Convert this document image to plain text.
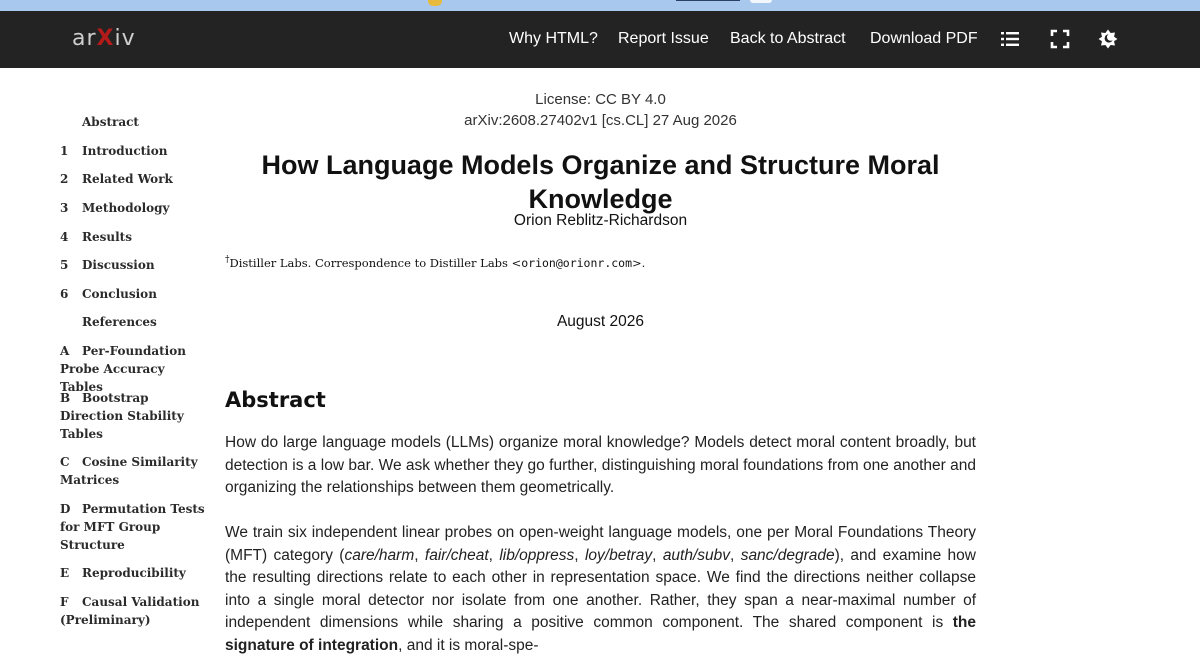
arXiv	Why HTML? Report Issue Back to Abstract Download PDF
Abstract
1	Introduction
2	Related Work
3	Methodology
4	Results
5	Discussion
6	Conclusion
References
A	Per-Foundation Probe Accuracy Tables
B Bootstrap Direction Stability Tables
C	Cosine Similarity Matrices
D Permutation Tests for MFT Group Structure
E	Reproducibility
F	Causal Validation (Preliminary)
License: CC BY 4.0
arXiv:2608.27402v1 [cs.CL] 27 Aug 2026
How Language Models Organize and Structure Moral Knowledge
Orion Reblitz-Richardson
†Distiller Labs. Correspondence to Distiller Labs <orion@orionr.com>.
August 2026
Abstract

How do large language models (LLMs) organize moral knowledge? Models detect moral content broadly, but detection is a low bar. We ask whether they go further, distinguishing moral foundations from one another and organizing the relationships between them geometrically.

We train six independent linear probes on open-weight language models, one per Moral Foundations Theory (MFT) category (care/harm, fair/cheat, lib/oppress, loy/betray, auth/subv, sanc/degrade), and examine how the resulting directions relate to each other in representation space. We find the directions neither collapse into a single moral detector nor isolate from one another. Rather, they span a near-maximal number of independent dimensions while sharing a positive common component. The shared component is the signature of integration, and it is moral-spe-
